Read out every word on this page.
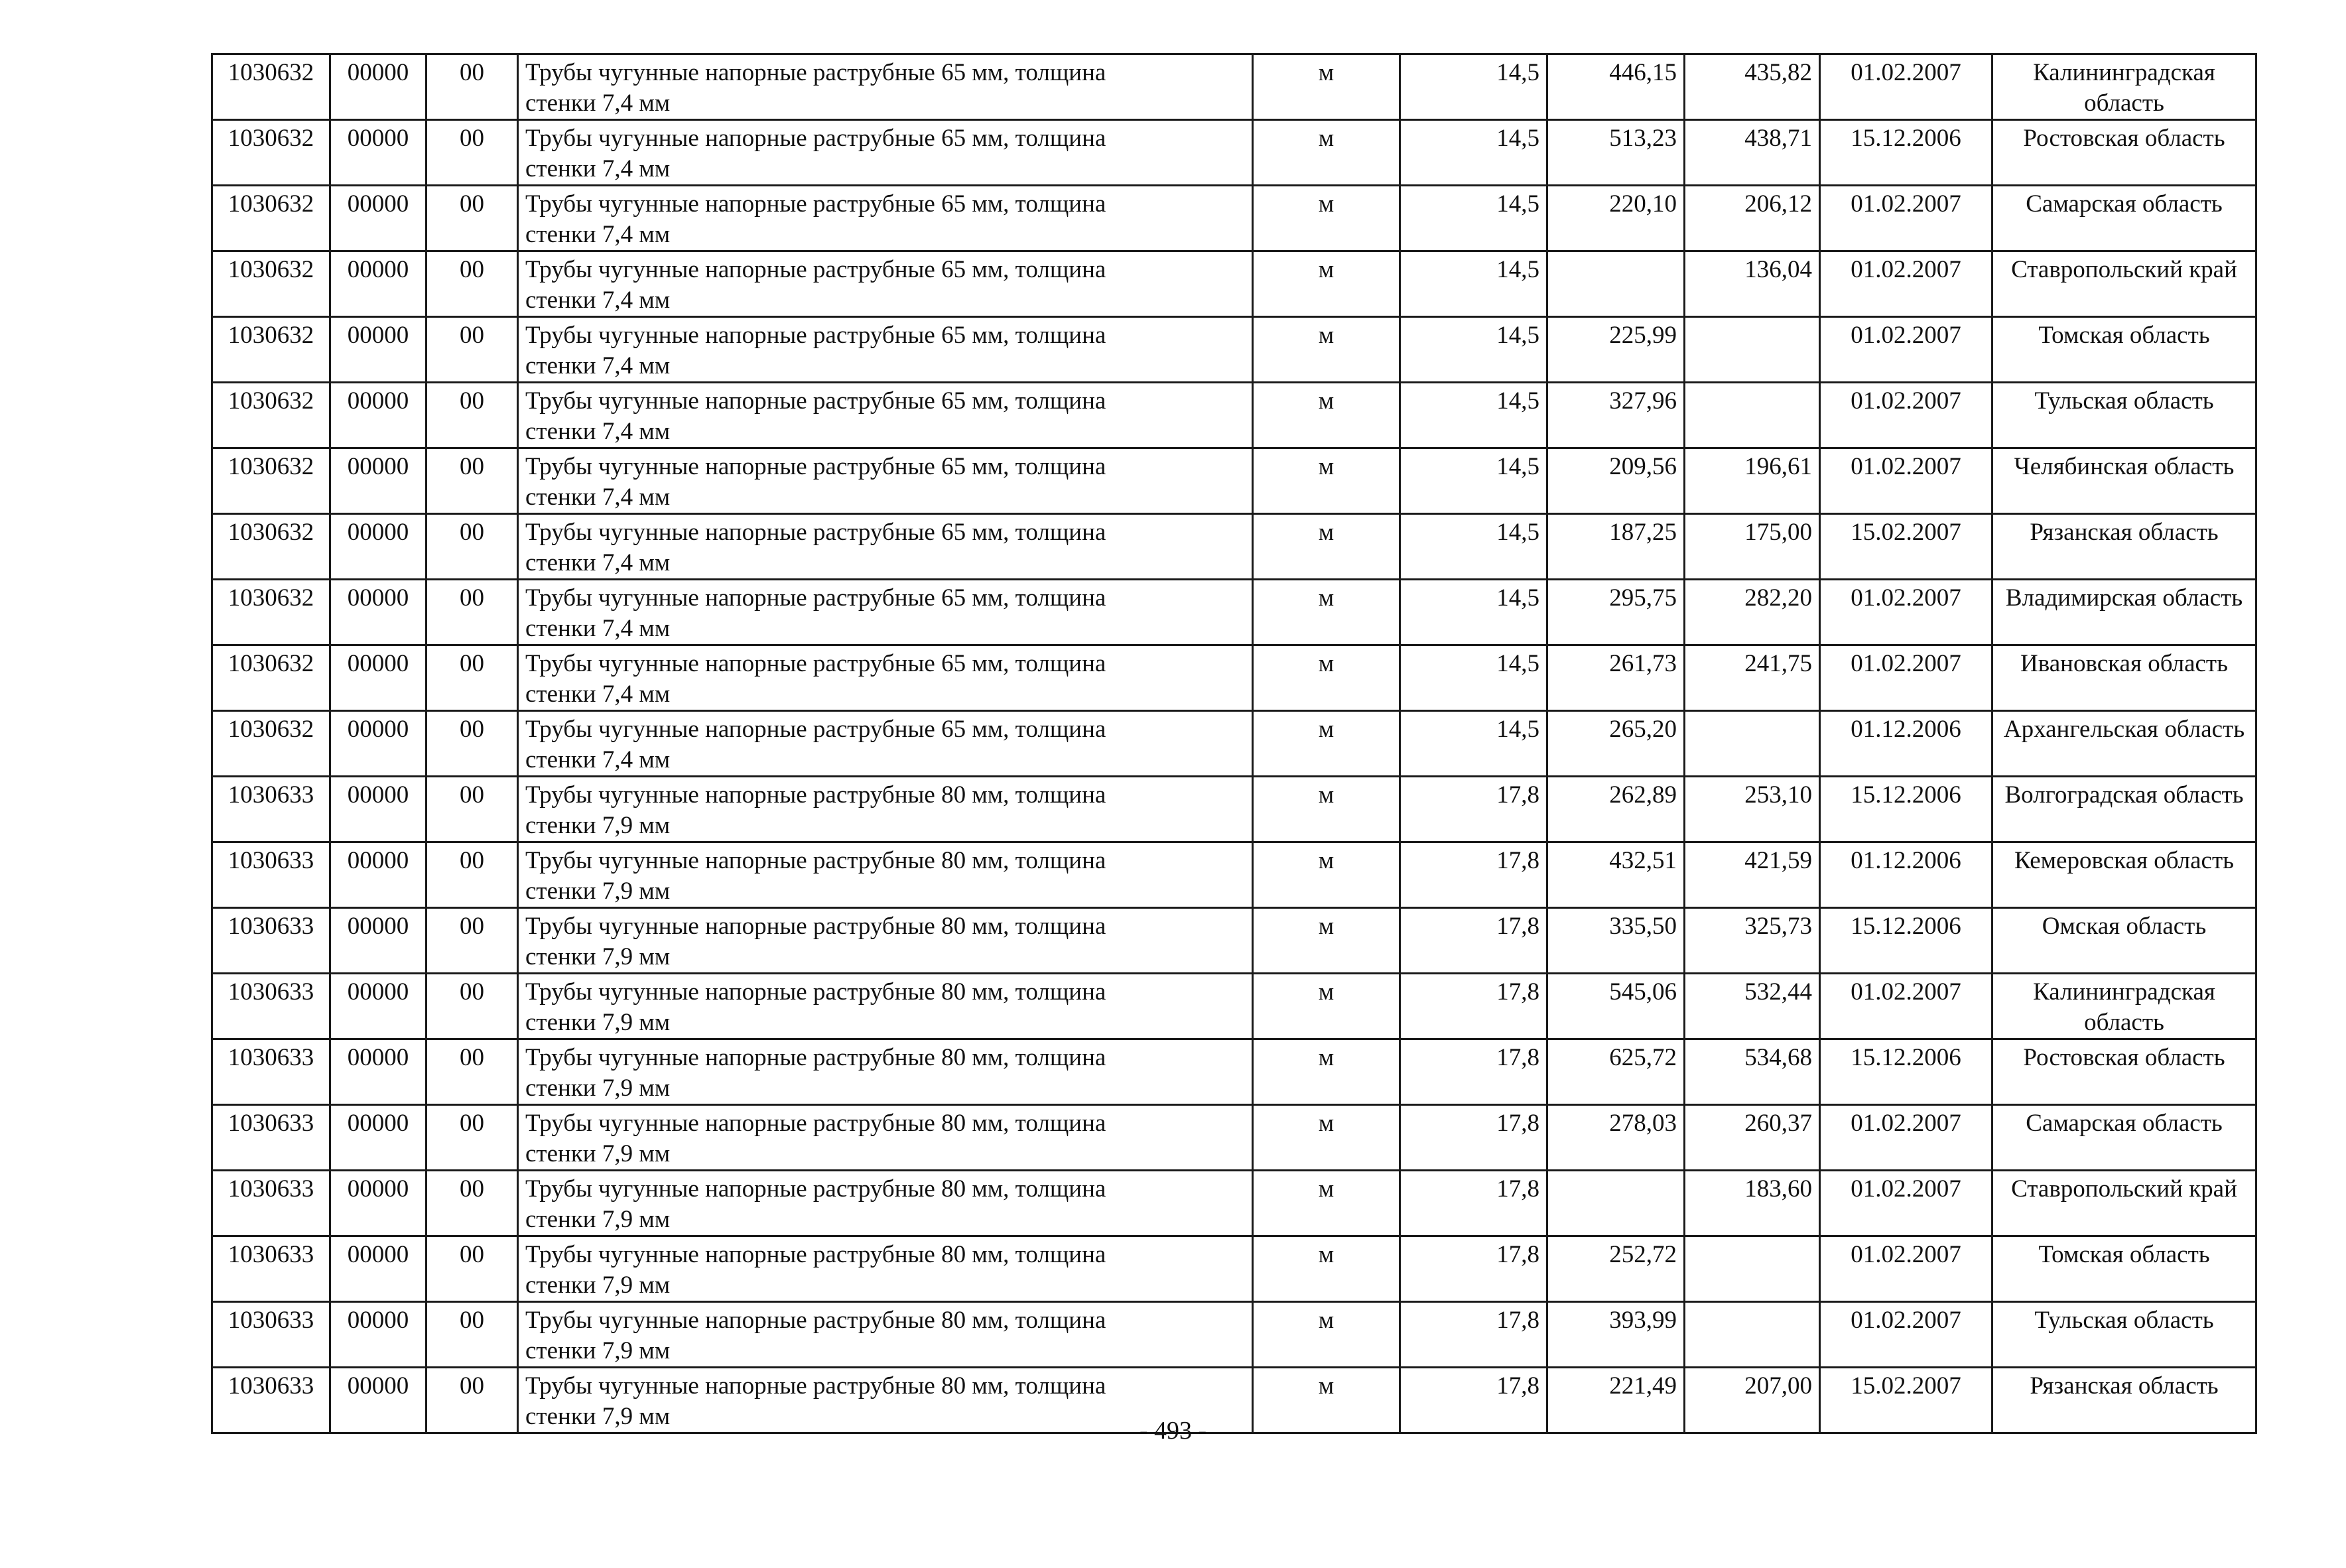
1030632	00000	00	Трубы чугунные напорные раструбные 65 мм, толщина
стенки 7,4 мм	м	14,5	446,15	435,82	01.02.2007	Калининградская область
1030632	00000	00	Трубы чугунные напорные раструбные 65 мм, толщина
стенки 7,4 мм	м	14,5	513,23	438,71	15.12.2006	Ростовская область
1030632	00000	00	Трубы чугунные напорные раструбные 65 мм, толщина
стенки 7,4 мм	м	14,5	220,10	206,12	01.02.2007	Самарская область
1030632	00000	00	Трубы чугунные напорные раструбные 65 мм, толщина
стенки 7,4 мм	м	14,5		136,04	01.02.2007	Ставропольский край
1030632	00000	00	Трубы чугунные напорные раструбные 65 мм, толщина
стенки 7,4 мм	м	14,5	225,99		01.02.2007	Томская область
1030632	00000	00	Трубы чугунные напорные раструбные 65 мм, толщина
стенки 7,4 мм	м	14,5	327,96		01.02.2007	Тульская область
1030632	00000	00	Трубы чугунные напорные раструбные 65 мм, толщина
стенки 7,4 мм	м	14,5	209,56	196,61	01.02.2007	Челябинская область
1030632	00000	00	Трубы чугунные напорные раструбные 65 мм, толщина
стенки 7,4 мм	м	14,5	187,25	175,00	15.02.2007	Рязанская область
1030632	00000	00	Трубы чугунные напорные раструбные 65 мм, толщина
стенки 7,4 мм	м	14,5	295,75	282,20	01.02.2007	Владимирская область
1030632	00000	00	Трубы чугунные напорные раструбные 65 мм, толщина
стенки 7,4 мм	м	14,5	261,73	241,75	01.02.2007	Ивановская область
1030632	00000	00	Трубы чугунные напорные раструбные 65 мм, толщина
стенки 7,4 мм	м	14,5	265,20		01.12.2006	Архангельская область
1030633	00000	00	Трубы чугунные напорные раструбные 80 мм, толщина
стенки 7,9 мм	м	17,8	262,89	253,10	15.12.2006	Волгоградская область
1030633	00000	00	Трубы чугунные напорные раструбные 80 мм, толщина
стенки 7,9 мм	м	17,8	432,51	421,59	01.12.2006	Кемеровская область
1030633	00000	00	Трубы чугунные напорные раструбные 80 мм, толщина
стенки 7,9 мм	м	17,8	335,50	325,73	15.12.2006	Омская область
1030633	00000	00	Трубы чугунные напорные раструбные 80 мм, толщина
стенки 7,9 мм	м	17,8	545,06	532,44	01.02.2007	Калининградская область
1030633	00000	00	Трубы чугунные напорные раструбные 80 мм, толщина
стенки 7,9 мм	м	17,8	625,72	534,68	15.12.2006	Ростовская область
1030633	00000	00	Трубы чугунные напорные раструбные 80 мм, толщина
стенки 7,9 мм	м	17,8	278,03	260,37	01.02.2007	Самарская область
1030633	00000	00	Трубы чугунные напорные раструбные 80 мм, толщина
стенки 7,9 мм	м	17,8		183,60	01.02.2007	Ставропольский край
1030633	00000	00	Трубы чугунные напорные раструбные 80 мм, толщина
стенки 7,9 мм	м	17,8	252,72		01.02.2007	Томская область
1030633	00000	00	Трубы чугунные напорные раструбные 80 мм, толщина
стенки 7,9 мм	м	17,8	393,99		01.02.2007	Тульская область
1030633	00000	00	Трубы чугунные напорные раструбные 80 мм, толщина
стенки 7,9 мм	м	17,8	221,49	207,00	15.02.2007	Рязанская область
- 493 -
